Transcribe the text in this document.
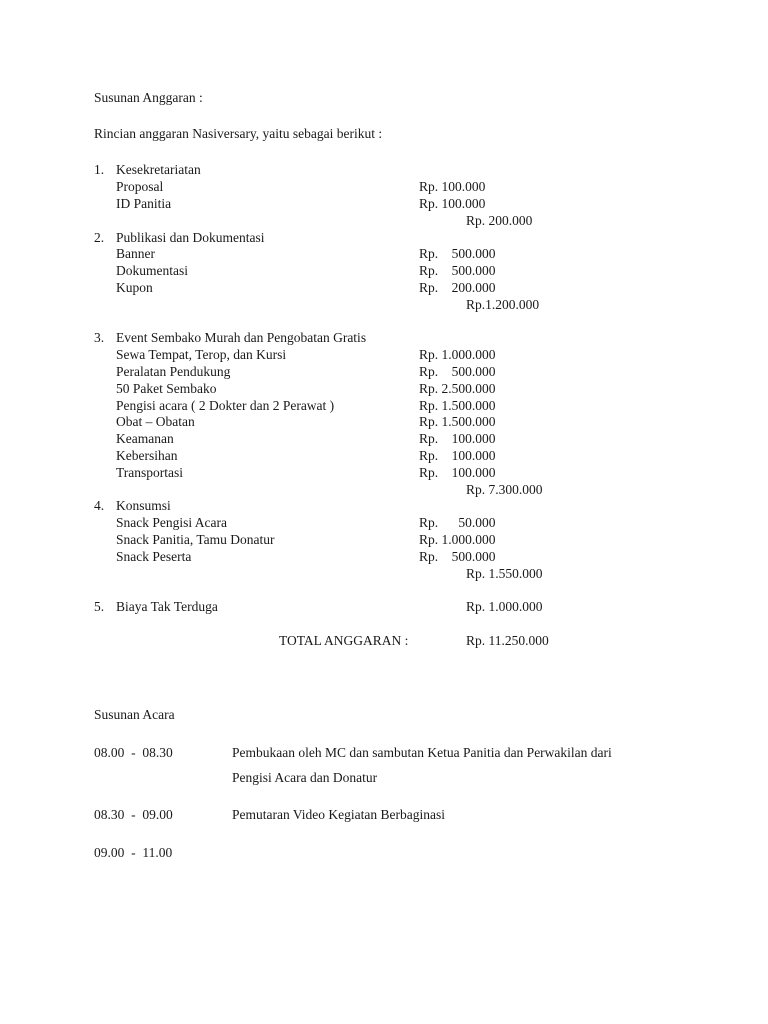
Susunan Anggaran :
Rincian anggaran Nasiversary, yaitu sebagai berikut :
1. Kesekretariatan
Proposal	Rp. 100.000
ID Panitia	Rp. 100.000
Rp. 200.000
2. Publikasi dan Dokumentasi
Banner	Rp.    500.000
Dokumentasi	Rp.    500.000
Kupon	Rp.    200.000
Rp.1.200.000
3. Event Sembako Murah dan Pengobatan Gratis
Sewa Tempat, Terop, dan Kursi	Rp. 1.000.000
Peralatan Pendukung	Rp.    500.000
50 Paket Sembako	Rp. 2.500.000
Pengisi acara ( 2 Dokter dan 2 Perawat )	Rp. 1.500.000
Obat – Obatan	Rp. 1.500.000
Keamanan	Rp.    100.000
Kebersihan	Rp.    100.000
Transportasi	Rp.    100.000
Rp. 7.300.000
4. Konsumsi
Snack Pengisi Acara	Rp.      50.000
Snack Panitia, Tamu Donatur	Rp. 1.000.000
Snack Peserta	Rp.    500.000
Rp. 1.550.000
5. Biaya Tak Terduga	Rp. 1.000.000
TOTAL ANGGARAN :	Rp. 11.250.000
Susunan Acara
08.00  -  08.30	Pembukaan oleh MC dan sambutan Ketua Panitia dan Perwakilan dari
Pengisi Acara dan Donatur
08.30  -  09.00	Pemutaran Video Kegiatan Berbaginasi
09.00  -  11.00
